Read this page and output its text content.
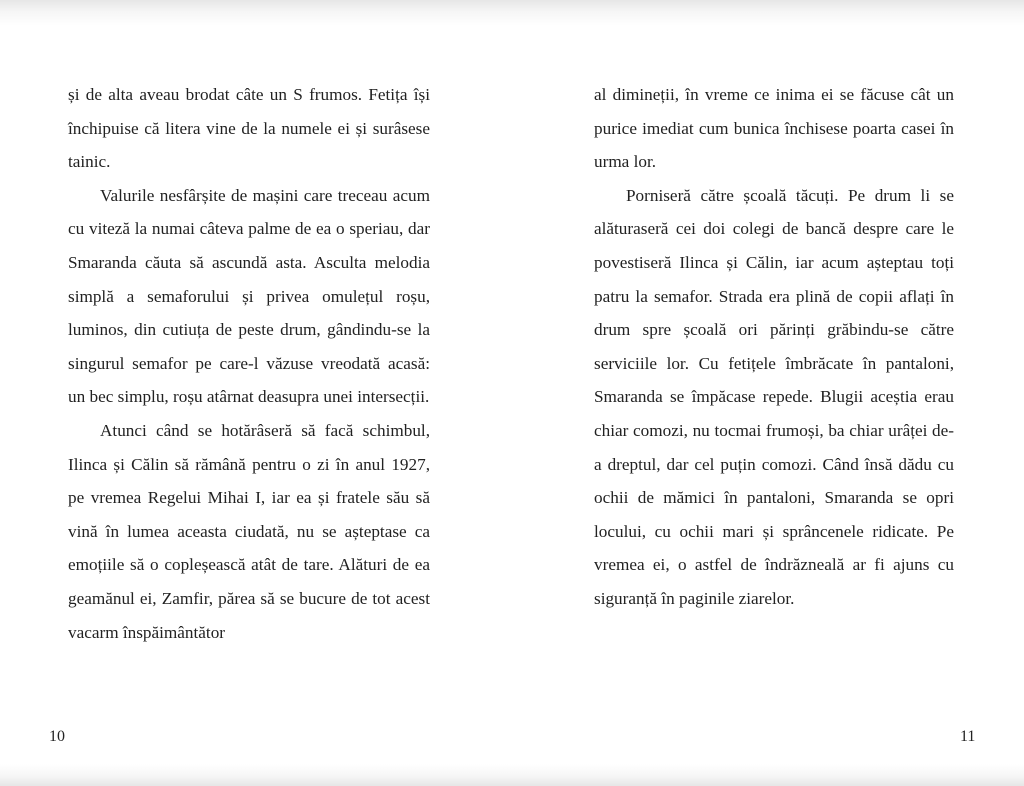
și de alta aveau brodat câte un S frumos. Fetița își închipuise că litera vine de la numele ei și surâsese tainic.

Valurile nesfârșite de mașini care treceau acum cu viteză la numai câteva palme de ea o speriau, dar Smaranda căuta să ascundă asta. Asculta melodia simplă a semaforului și privea omulețul roșu, luminos, din cutiuța de peste drum, gândindu-se la singurul semafor pe care-l văzuse vreodată acasă: un bec simplu, roșu atârnat deasupra unei intersecții.

Atunci când se hotărâseră să facă schimbul, Ilinca și Călin să rămână pentru o zi în anul 1927, pe vremea Regelui Mihai I, iar ea și fratele său să vină în lumea aceasta ciudată, nu se așteptase ca emoțiile să o copleșească atât de tare. Alături de ea geamănul ei, Zamfir, părea să se bucure de tot acest vacarm înspăimântător

al dimineții, în vreme ce inima ei se făcuse cât un purice imediat cum bunica închisese poarta casei în urma lor.

Porniseră către școală tăcuți. Pe drum li se alăturaseră cei doi colegi de bancă despre care le povestiseră Ilinca și Călin, iar acum așteptau toți patru la semafor. Strada era plină de copii aflați în drum spre școală ori părinți grăbindu-se către serviciile lor. Cu fetițele îmbrăcate în pantaloni, Smaranda se împăcase repede. Blugii aceștia erau chiar comozi, nu tocmai frumoși, ba chiar urâței de-a dreptul, dar cel puțin comozi. Când însă dădu cu ochii de mămici în pantaloni, Smaranda se opri locului, cu ochii mari și sprâncenele ridicate. Pe vremea ei, o astfel de îndrăzneală ar fi ajuns cu siguranță în paginile ziarelor.

10	11
